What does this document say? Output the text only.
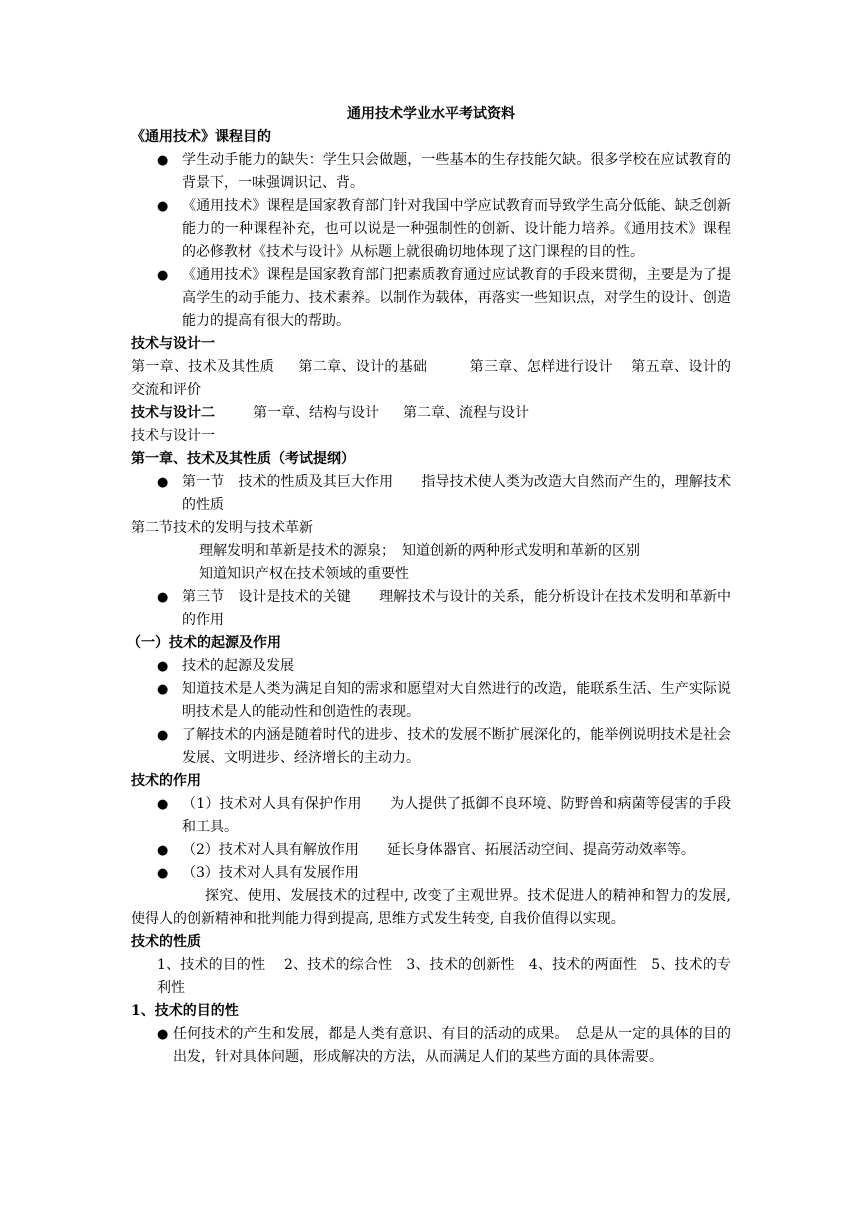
通用技术学业水平考试资料

《通用技术》课程目的

● 学生动手能力的缺失：学生只会做题，一些基本的生存技能欠缺。很多学校在应试教育的背景下，一味强调识记、背。
● 《通用技术》课程是国家教育部门针对我国中学应试教育而导致学生高分低能、缺乏创新能力的一种课程补充，也可以说是一种强制性的创新、设计能力培养。《通用技术》课程的必修教材《技术与设计》从标题上就很确切地体现了这门课程的目的性。
● 《通用技术》课程是国家教育部门把素质教育通过应试教育的手段来贯彻，主要是为了提高学生的动手能力、技术素养。以制作为载体，再落实一些知识点，对学生的设计、创造能力的提高有很大的帮助。

技术与设计一

第一章、技术及其性质 第二章、设计的基础	第三章、怎样进行设计 第五章、设计的交流和评价

技术与设计二	第一章、结构与设计 第二章、流程与设计

技术与设计一

第一章、技术及其性质（考试提纲）

● 第一节　技术的性质及其巨大作用　　指导技术使人类为改造大自然而产生的，理解技术的性质

第二节技术的发明与技术革新

理解发明和革新是技术的源泉；　知道创新的两种形式发明和革新的区别

知道知识产权在技术领域的重要性

● 第三节　设计是技术的关键　　理解技术与设计的关系，能分析设计在技术发明和革新中的作用

（一）技术的起源及作用

● 技术的起源及发展
● 知道技术是人类为满足自知的需求和愿望对大自然进行的改造，能联系生活、生产实际说明技术是人的能动性和创造性的表现。
● 了解技术的内涵是随着时代的进步、技术的发展不断扩展深化的，能举例说明技术是社会发展、文明进步、经济增长的主动力。

技术的作用

● （1）技术对人具有保护作用　　为人提供了抵御不良环境、防野兽和病菌等侵害的手段和工具。
● （2）技术对人具有解放作用　　延长身体器官、拓展活动空间、提高劳动效率等。
● （3）技术对人具有发展作用

探究、使用、发展技术的过程中, 改变了主观世界。技术促进人的精神和智力的发展, 使得人的创新精神和批判能力得到提高, 思维方式发生转变, 自我价值得以实现。

技术的性质

1、技术的目的性　 2、技术的综合性　3、技术的创新性　4、技术的两面性　5、技术的专利性

1、技术的目的性

● 任何技术的产生和发展，都是人类有意识、有目的活动的成果。　总是从一定的具体的目的出发，针对具体问题，形成解决的方法，从而满足人们的某些方面的具体需要。
